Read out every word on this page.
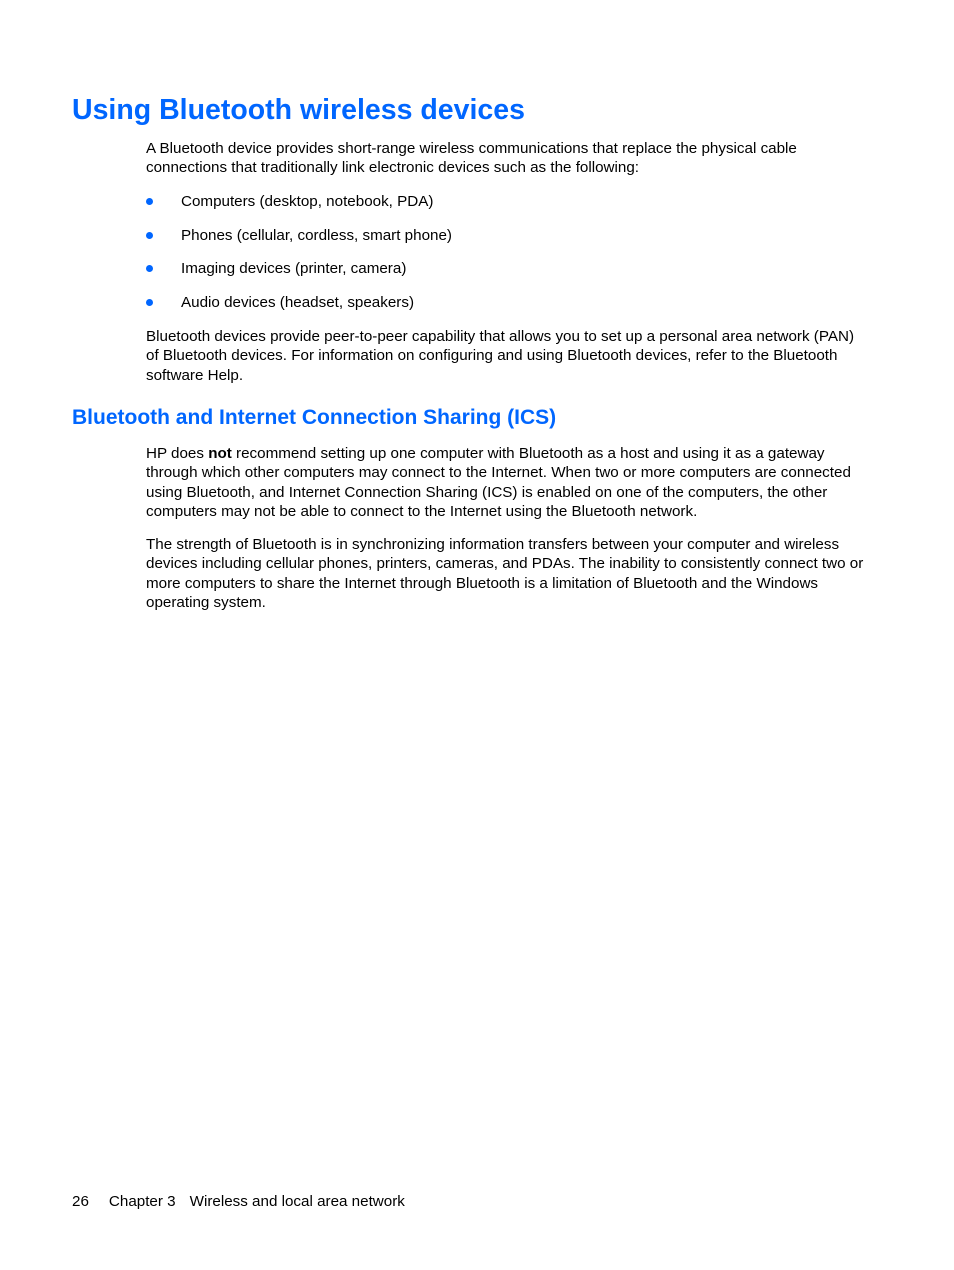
Using Bluetooth wireless devices

A Bluetooth device provides short-range wireless communications that replace the physical cable connections that traditionally link electronic devices such as the following:

Computers (desktop, notebook, PDA)
Phones (cellular, cordless, smart phone)
Imaging devices (printer, camera)
Audio devices (headset, speakers)

Bluetooth devices provide peer-to-peer capability that allows you to set up a personal area network (PAN) of Bluetooth devices. For information on configuring and using Bluetooth devices, refer to the Bluetooth software Help.

Bluetooth and Internet Connection Sharing (ICS)

HP does not recommend setting up one computer with Bluetooth as a host and using it as a gateway through which other computers may connect to the Internet. When two or more computers are connected using Bluetooth, and Internet Connection Sharing (ICS) is enabled on one of the computers, the other computers may not be able to connect to the Internet using the Bluetooth network.

The strength of Bluetooth is in synchronizing information transfers between your computer and wireless devices including cellular phones, printers, cameras, and PDAs. The inability to consistently connect two or more computers to share the Internet through Bluetooth is a limitation of Bluetooth and the Windows operating system.

26 Chapter 3 Wireless and local area network
